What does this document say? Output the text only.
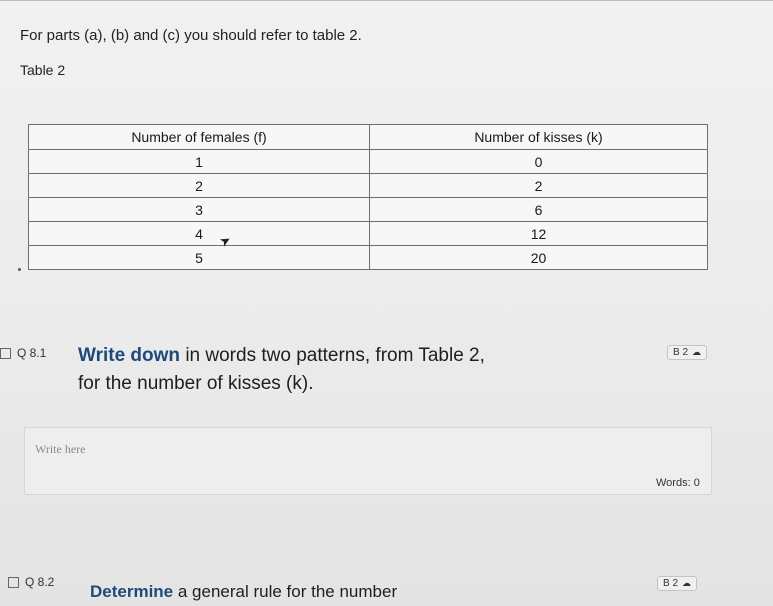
For parts (a), (b) and (c) you should refer to table 2.
Table 2
Number of females (f)	Number of kisses (k)
1	0
2	2
3	6
4	12
5	20
➤
Q 8.1 Write down in words two patterns, from Table 2, for the number of kisses (k).
B 2 ☁
Write here
Words: 0
Q 8.2 Determine a general rule for the number	B 2 ☁
